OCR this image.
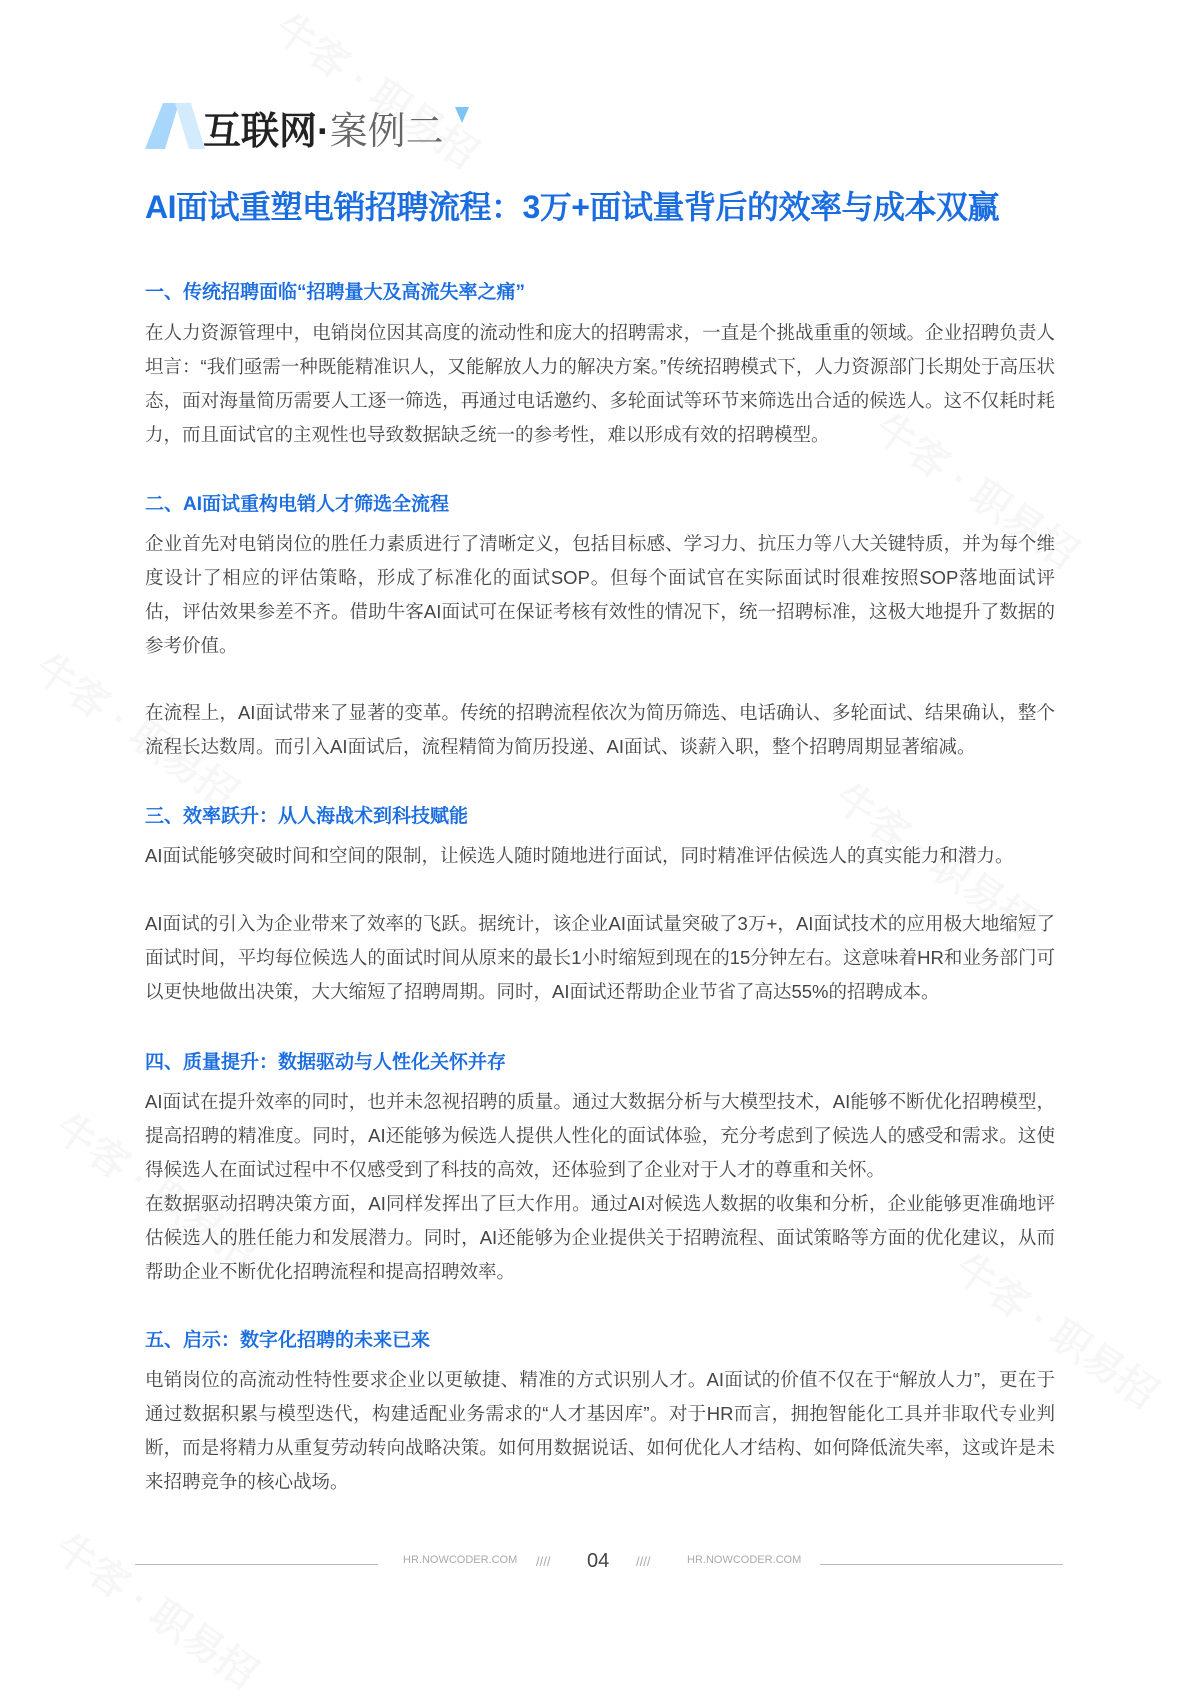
互联网·案例二
AI面试重塑电销招聘流程：3万+面试量背后的效率与成本双赢
一、传统招聘面临“招聘量大及高流失率之痛”

在人力资源管理中，电销岗位因其高度的流动性和庞大的招聘需求，一直是个挑战重重的领域。企业招聘负责人坦言：“我们亟需一种既能精准识人，又能解放人力的解决方案。”传统招聘模式下，人力资源部门长期处于高压状态，面对海量简历需要人工逐一筛选，再通过电话邀约、多轮面试等环节来筛选出合适的候选人。这不仅耗时耗力，而且面试官的主观性也导致数据缺乏统一的参考性，难以形成有效的招聘模型。

二、AI面试重构电销人才筛选全流程

企业首先对电销岗位的胜任力素质进行了清晰定义，包括目标感、学习力、抗压力等八大关键特质，并为每个维度设计了相应的评估策略，形成了标准化的面试SOP。但每个面试官在实际面试时很难按照SOP落地面试评估，评估效果参差不齐。借助牛客AI面试可在保证考核有效性的情况下，统一招聘标准，这极大地提升了数据的参考价值。

在流程上，AI面试带来了显著的变革。传统的招聘流程依次为简历筛选、电话确认、多轮面试、结果确认，整个流程长达数周。而引入AI面试后，流程精简为简历投递、AI面试、谈薪入职，整个招聘周期显著缩减。

三、效率跃升：从人海战术到科技赋能

AI面试能够突破时间和空间的限制，让候选人随时随地进行面试，同时精准评估候选人的真实能力和潜力。

AI面试的引入为企业带来了效率的飞跃。据统计，该企业AI面试量突破了3万+，AI面试技术的应用极大地缩短了面试时间，平均每位候选人的面试时间从原来的最长1小时缩短到现在的15分钟左右。这意味着HR和业务部门可以更快地做出决策，大大缩短了招聘周期。同时，AI面试还帮助企业节省了高达55%的招聘成本。

四、质量提升：数据驱动与人性化关怀并存

AI面试在提升效率的同时，也并未忽视招聘的质量。通过大数据分析与大模型技术，AI能够不断优化招聘模型，提高招聘的精准度。同时，AI还能够为候选人提供人性化的面试体验，充分考虑到了候选人的感受和需求。这使得候选人在面试过程中不仅感受到了科技的高效，还体验到了企业对于人才的尊重和关怀。

在数据驱动招聘决策方面，AI同样发挥出了巨大作用。通过AI对候选人数据的收集和分析，企业能够更准确地评估候选人的胜任能力和发展潜力。同时，AI还能够为企业提供关于招聘流程、面试策略等方面的优化建议，从而帮助企业不断优化招聘流程和提高招聘效率。

五、启示：数字化招聘的未来已来

电销岗位的高流动性特性要求企业以更敏捷、精准的方式识别人才。AI面试的价值不仅在于“解放人力”，更在于通过数据积累与模型迭代，构建适配业务需求的“人才基因库”。对于HR而言，拥抱智能化工具并非取代专业判断，而是将精力从重复劳动转向战略决策。如何用数据说话、如何优化人才结构、如何降低流失率，这或许是未来招聘竞争的核心战场。

HR.NOWCODER.COM //// 04 ////	HR.NOWCODER.COM
